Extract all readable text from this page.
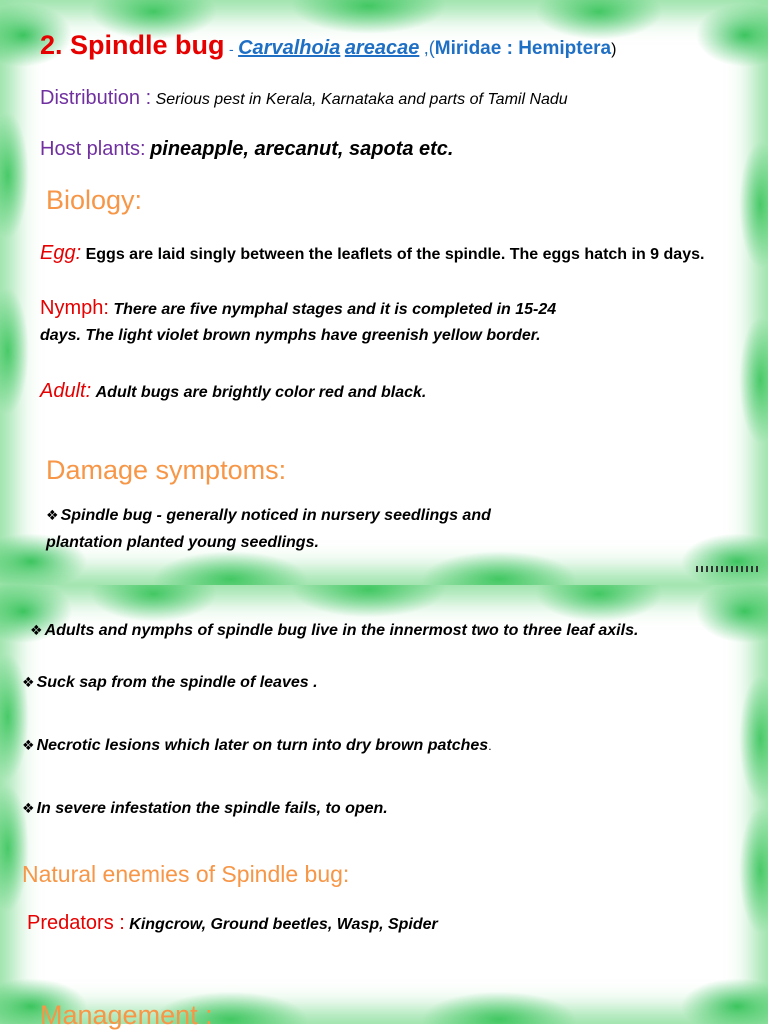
2. Spindle bug - Carvalhoia areacae ,(Miridae : Hemiptera)

Distribution : Serious pest in Kerala, Karnataka and parts of Tamil Nadu

Host plants: pineapple, arecanut, sapota etc.

Biology:

Egg: Eggs are laid singly between the leaflets of the spindle. The eggs hatch in 9 days.

Nymph: There are five nymphal stages and it is completed in 15-24

days. The light violet brown nymphs have greenish yellow border.

Adult: Adult bugs are brightly color red and black.

Damage symptoms:

❖ Spindle bug - generally noticed in nursery seedlings and

plantation planted young seedlings.

❖ Adults and nymphs of spindle bug live in the innermost two to three leaf axils.

❖ Suck sap from the spindle of leaves .

❖ Necrotic lesions which later on turn into dry brown patches.

❖ In severe infestation the spindle fails, to open.

Natural enemies of Spindle bug:

Predators : Kingcrow, Ground beetles, Wasp, Spider

Management :
